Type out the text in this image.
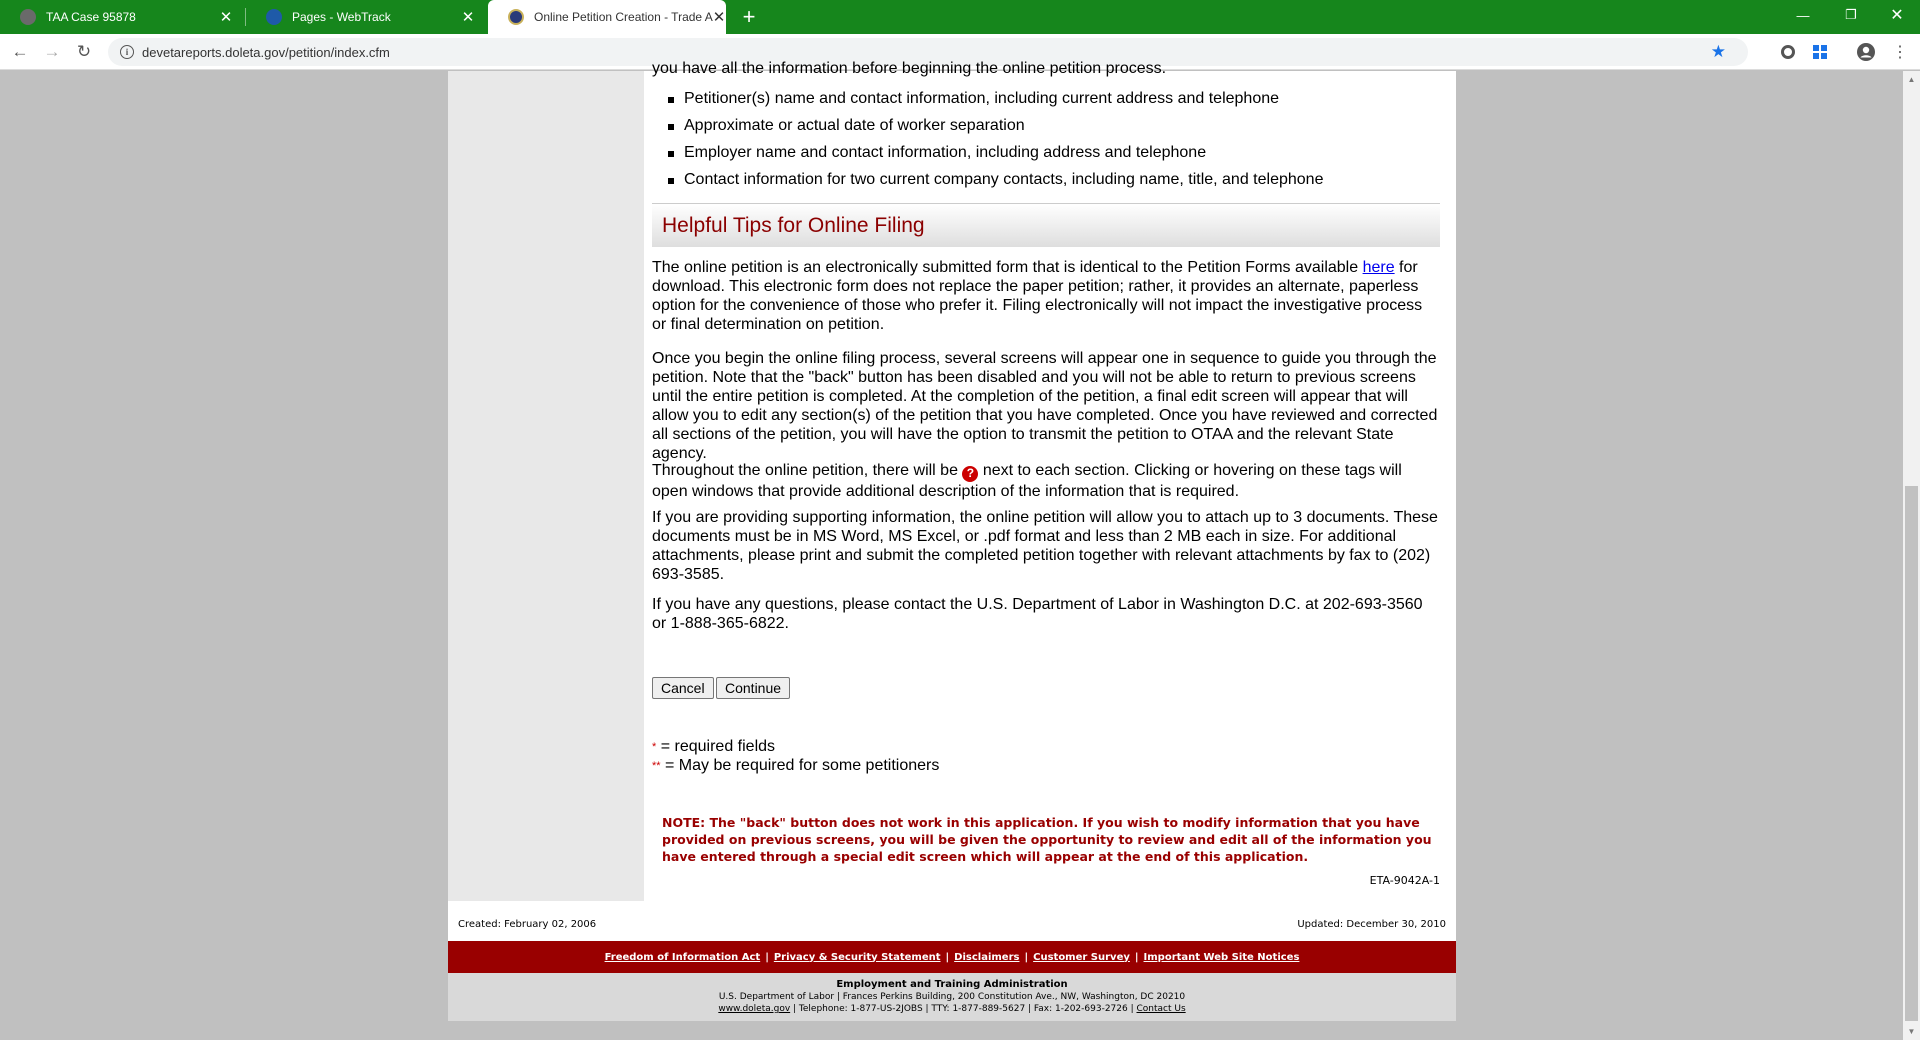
TAA Case 95878	✕	Pages - WebTrack	✕	Online Petition Creation - Trade A ✕ +	—	❐	✕
← → ↻	i	devetareports.doleta.gov/petition/index.cfm	★	⋮
you have all the information before beginning the online petition process.
Petitioner(s) name and contact information, including current address and telephone
Approximate or actual date of worker separation
Employer name and contact information, including address and telephone
Contact information for two current company contacts, including name, title, and telephone
Helpful Tips for Online Filing

The online petition is an electronically submitted form that is identical to the Petition Forms available here for download. This electronic form does not replace the paper petition; rather, it provides an alternate, paperless option for the convenience of those who prefer it. Filing electronically will not impact the investigative process or final determination on petition.

Once you begin the online filing process, several screens will appear one in sequence to guide you through the petition. Note that the "back" button has been disabled and you will not be able to return to previous screens until the entire petition is completed. At the completion of the petition, a final edit screen will appear that will allow you to edit any section(s) of the petition that you have completed. Once you have reviewed and corrected all sections of the petition, you will have the option to transmit the petition to OTAA and the relevant State agency.

Throughout the online petition, there will be ? next to each section. Clicking or hovering on these tags will open windows that provide additional description of the information that is required.

If you are providing supporting information, the online petition will allow you to attach up to 3 documents. These documents must be in MS Word, MS Excel, or .pdf format and less than 2 MB each in size. For additional attachments, please print and submit the completed petition together with relevant attachments by fax to (202) 693-3585.

If you have any questions, please contact the U.S. Department of Labor in Washington D.C. at 202-693-3560 or 1-888-365-6822.

Cancel	Continue
* = required fields
** = May be required for some petitioners
NOTE: The "back" button does not work in this application. If you wish to modify information that you have provided on previous screens, you will be given the opportunity to review and edit all of the information you have entered through a special edit screen which will appear at the end of this application.
ETA-9042A-1
Created: February 02, 2006	Updated: December 30, 2010
Freedom of Information Act | Privacy & Security Statement | Disclaimers | Customer Survey | Important Web Site Notices
Employment and Training Administration
U.S. Department of Labor | Frances Perkins Building, 200 Constitution Ave., NW, Washington, DC 20210
www.doleta.gov | Telephone: 1-877-US-2JOBS | TTY: 1-877-889-5627 | Fax: 1-202-693-2726 | Contact Us
▲
▼
